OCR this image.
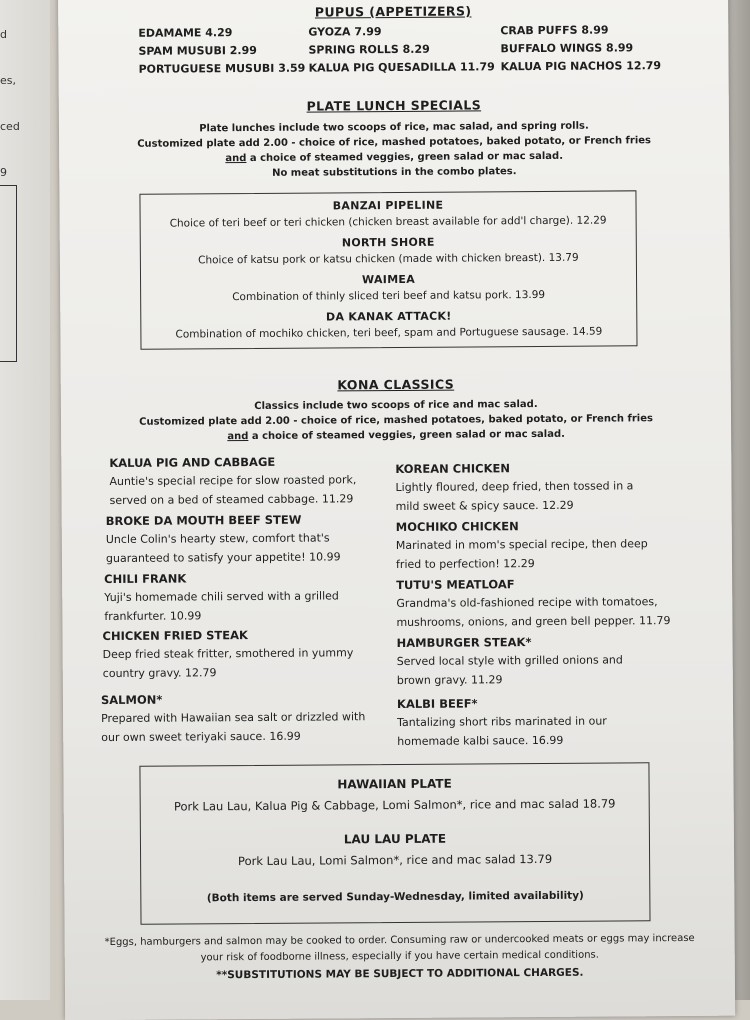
d
es,
ced
9
PUPUS (APPETIZERS)
EDAMAME 4.29
SPAM MUSUBI 2.99
PORTUGUESE MUSUBI 3.59
GYOZA 7.99
SPRING ROLLS 8.29
KALUA PIG QUESADILLA 11.79
CRAB PUFFS 8.99
BUFFALO WINGS 8.99
KALUA PIG NACHOS 12.79
PLATE LUNCH SPECIALS
Plate lunches include two scoops of rice, mac salad, and spring rolls.
Customized plate add 2.00 - choice of rice, mashed potatoes, baked potato, or French fries
and a choice of steamed veggies, green salad or mac salad.
No meat substitutions in the combo plates.
BANZAI PIPELINE
Choice of teri beef or teri chicken (chicken breast available for add'l charge). 12.29
NORTH SHORE
Choice of katsu pork or katsu chicken (made with chicken breast). 13.79
WAIMEA
Combination of thinly sliced teri beef and katsu pork. 13.99
DA KANAK ATTACK!
Combination of mochiko chicken, teri beef, spam and Portuguese sausage. 14.59
KONA CLASSICS
Classics include two scoops of rice and mac salad.
Customized plate add 2.00 - choice of rice, mashed potatoes, baked potato, or French fries
and a choice of steamed veggies, green salad or mac salad.
KALUA PIG AND CABBAGE
Auntie's special recipe for slow roasted pork,
served on a bed of steamed cabbage. 11.29
BROKE DA MOUTH BEEF STEW
Uncle Colin's hearty stew, comfort that's
guaranteed to satisfy your appetite! 10.99
CHILI FRANK
Yuji's homemade chili served with a grilled
frankfurter. 10.99
CHICKEN FRIED STEAK
Deep fried steak fritter, smothered in yummy
country gravy. 12.79
SALMON*
Prepared with Hawaiian sea salt or drizzled with
our own sweet teriyaki sauce. 16.99
KOREAN CHICKEN
Lightly floured, deep fried, then tossed in a
mild sweet & spicy sauce. 12.29
MOCHIKO CHICKEN
Marinated in mom's special recipe, then deep
fried to perfection! 12.29
TUTU'S MEATLOAF
Grandma's old-fashioned recipe with tomatoes,
mushrooms, onions, and green bell pepper. 11.79
HAMBURGER STEAK*
Served local style with grilled onions and
brown gravy. 11.29
KALBI BEEF*
Tantalizing short ribs marinated in our
homemade kalbi sauce. 16.99
HAWAIIAN PLATE
Pork Lau Lau, Kalua Pig & Cabbage, Lomi Salmon*, rice and mac salad 18.79
LAU LAU PLATE
Pork Lau Lau, Lomi Salmon*, rice and mac salad 13.79
(Both items are served Sunday-Wednesday, limited availability)
*Eggs, hamburgers and salmon may be cooked to order. Consuming raw or undercooked meats or eggs may increase
your risk of foodborne illness, especially if you have certain medical conditions.
**SUBSTITUTIONS MAY BE SUBJECT TO ADDITIONAL CHARGES.
